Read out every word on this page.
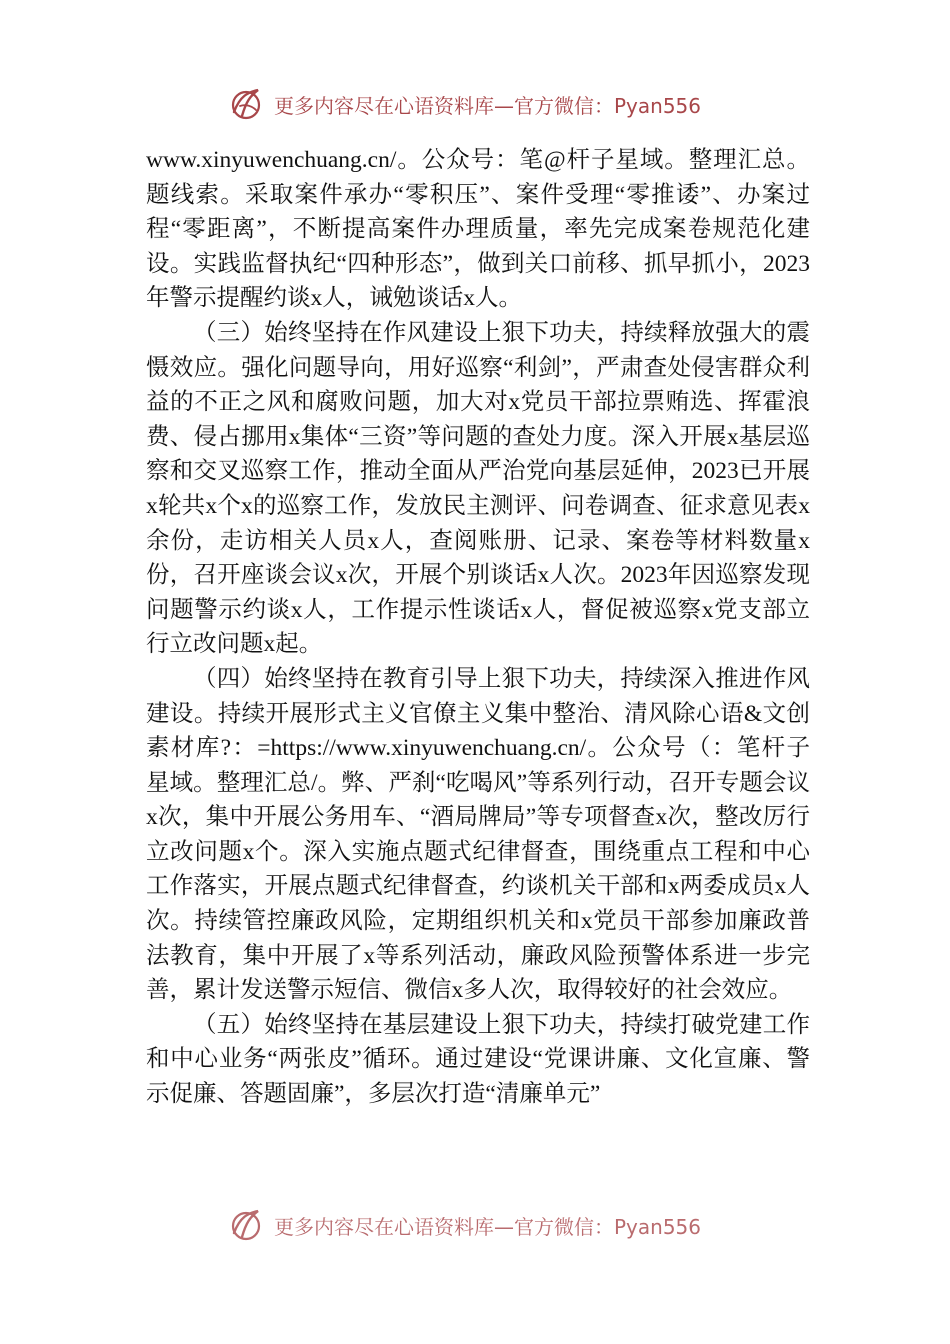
更多内容尽在心语资料库—官方微信：Pyan556

www.xinyuwenchuang.cn/。公众号：笔@杆子星域。整理汇总。题线索。采取案件承办“零积压”、案件受理“零推诿”、办案过程“零距离”，不断提高案件办理质量，率先完成案卷规范化建设。实践监督执纪“四种形态”，做到关口前移、抓早抓小，2023年警示提醒约谈x人，诫勉谈话x人。

（三）始终坚持在作风建设上狠下功夫，持续释放强大的震慑效应。强化问题导向，用好巡察“利剑”，严肃查处侵害群众利益的不正之风和腐败问题，加大对x党员干部拉票贿选、挥霍浪费、侵占挪用x集体“三资”等问题的查处力度。深入开展x基层巡察和交叉巡察工作，推动全面从严治党向基层延伸，2023已开展x轮共x个x的巡察工作，发放民主测评、问卷调查、征求意见表x余份，走访相关人员x人，查阅账册、记录、案卷等材料数量x份，召开座谈会议x次，开展个别谈话x人次。2023年因巡察发现问题警示约谈x人，工作提示性谈话x人，督促被巡察x党支部立行立改问题x起。

（四）始终坚持在教育引导上狠下功夫，持续深入推进作风建设。持续开展形式主义官僚主义集中整治、清风除心语&文创素材库?：=https://www.xinyuwenchuang.cn/。公众号（：笔杆子星域。整理汇总/。弊、严刹“吃喝风”等系列行动，召开专题会议x次，集中开展公务用车、“酒局牌局”等专项督查x次，整改厉行立改问题x个。深入实施点题式纪律督查，围绕重点工程和中心工作落实，开展点题式纪律督查，约谈机关干部和x两委成员x人次。持续管控廉政风险，定期组织机关和x党员干部参加廉政普法教育，集中开展了x等系列活动，廉政风险预警体系进一步完善，累计发送警示短信、微信x多人次，取得较好的社会效应。

（五）始终坚持在基层建设上狠下功夫，持续打破党建工作和中心业务“两张皮”循环。通过建设“党课讲廉、文化宣廉、警示促廉、答题固廉”，多层次打造“清廉单元”

更多内容尽在心语资料库—官方微信：Pyan556
